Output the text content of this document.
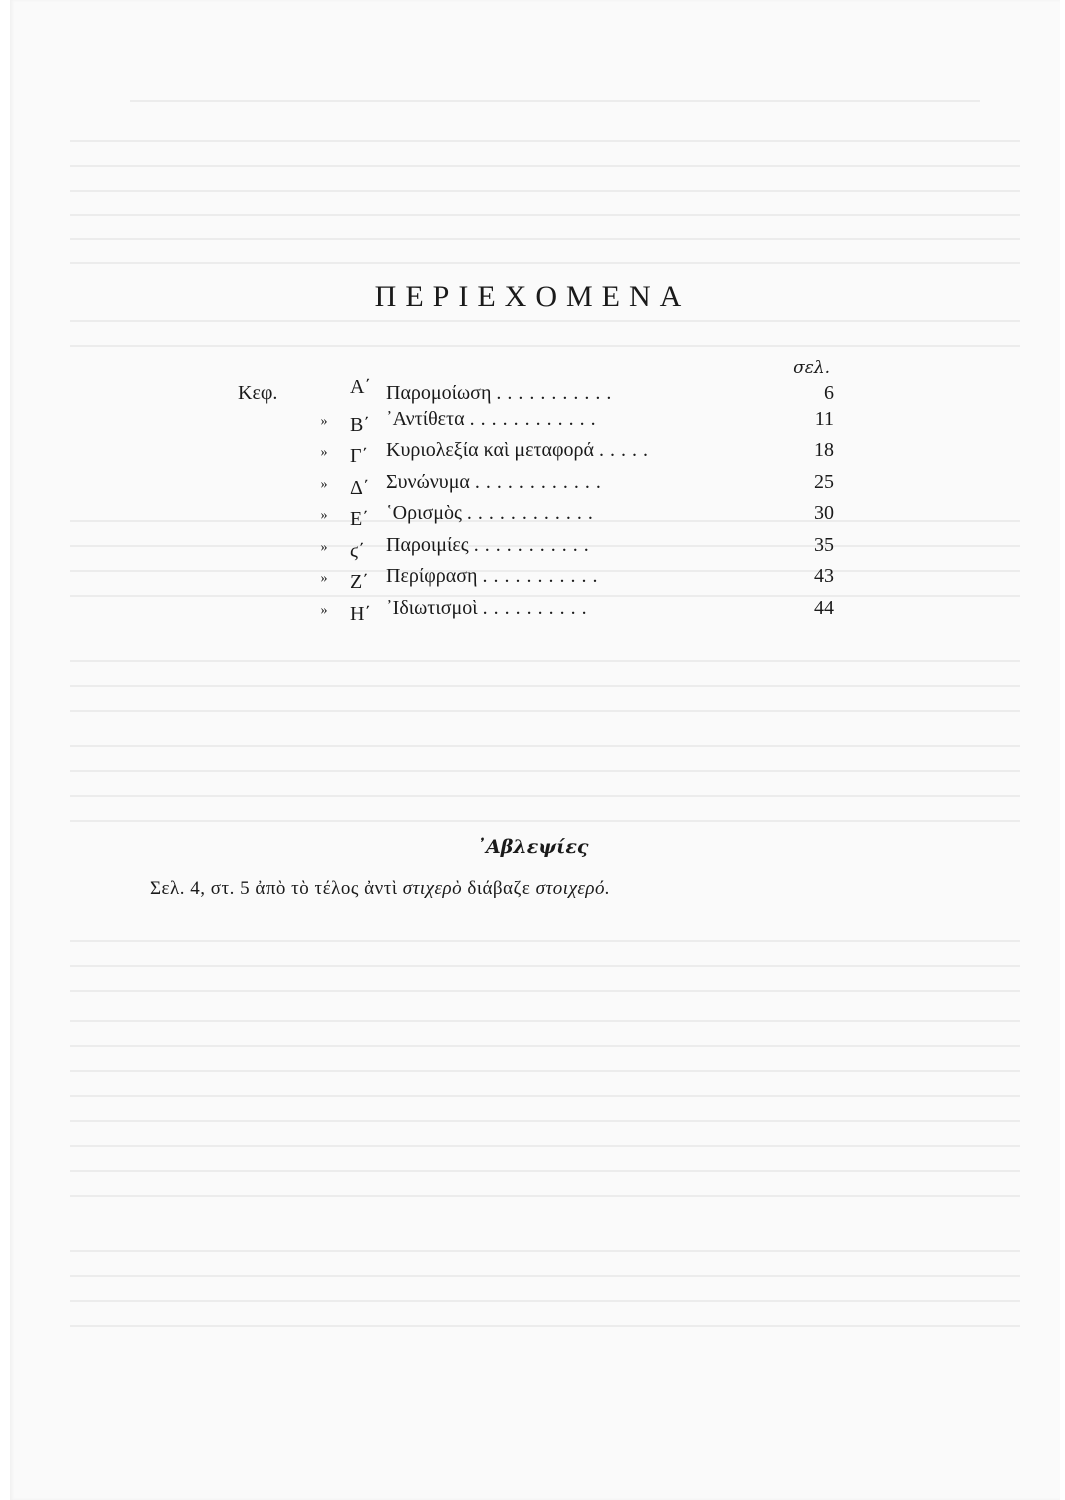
ΠΕΡΙΕΧΟΜΕΝΑ
σελ.
Κεφ.	Α΄ Παρομοίωση ...........	6
»	Β΄ ᾽Αντίθετα ............	11
»	Γ΄ Κυριολεξία καὶ μεταφορά .....	18
»	Δ΄ Συνώνυμα ............	25
»	Ε΄ ῾Ορισμὸς ............	30
»	ϛ΄	Παροιμίες ...........	35
»	Ζ΄ Περίφραση ...........	43
»	Η΄ ᾽Ιδιωτισμοὶ ..........	44
᾽Αβλεψίες
Σελ. 4, στ. 5 ἀπὸ τὸ τέλος ἀντὶ στιχερὸ διάβαζε στοιχερό.
